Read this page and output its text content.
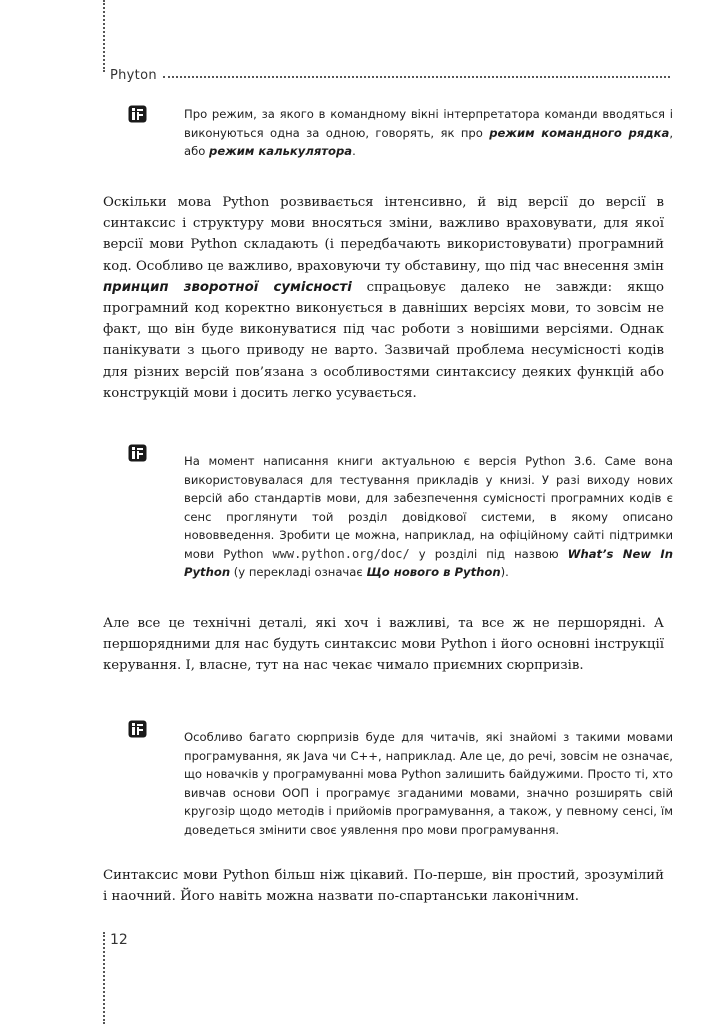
Phyton
Про режим, за якого в командному вікні інтерпретатора команди вводяться і виконуються одна за одною, говорять, як про режим командного рядка, або режим калькулятора.
Оскільки мова Python розвивається інтенсивно, й від версії до версії в синтаксис і структуру мови вносяться зміни, важливо враховувати, для якої версії мови Python складають (і передбачають використовувати) програмний код. Особливо це важливо, враховуючи ту обставину, що під час внесення змін принцип зворотної сумісності спрацьовує далеко не завжди: якщо програмний код коректно виконується в давніших версіях мови, то зовсім не факт, що він буде виконуватися під час роботи з новішими версіями. Однак панікувати з цього приводу не варто. Зазвичай проблема несумісності кодів для різних версій пов’язана з особливостями синтаксису деяких функцій або конструкцій мови і досить легко усувається.
На момент написання книги актуальною є версія Python 3.6. Саме вона використовувалася для тестування прикладів у книзі. У разі виходу нових версій або стандартів мови, для забезпечення сумісності програмних кодів є сенс проглянути той розділ довідкової системи, в якому описано нововведення. Зробити це можна, наприклад, на офіційному сайті підтримки мови Python www.python.org/doc/ у розділі під назвою What’s New In Python (у перекладі означає Що нового в Python).
Але все це технічні деталі, які хоч і важливі, та все ж не першорядні. А першорядними для нас будуть синтаксис мови Python і його основні інструкції керування. І, власне, тут на нас чекає чимало приємних сюрпризів.
Особливо багато сюрпризів буде для читачів, які знайомі з такими мовами програмування, як Java чи C++, наприклад. Але це, до речі, зовсім не означає, що новачків у програмуванні мова Python залишить байдужими. Просто ті, хто вивчав основи ООП і програмує згаданими мовами, значно розширять свій кругозір щодо методів і прийомів програмування, а також, у певному сенсі, їм доведеться змінити своє уявлення про мови програмування.
Синтаксис мови Python більш ніж цікавий. По-перше, він простий, зрозумілий і наочний. Його навіть можна назвати по-спартанськи лаконічним.
12
